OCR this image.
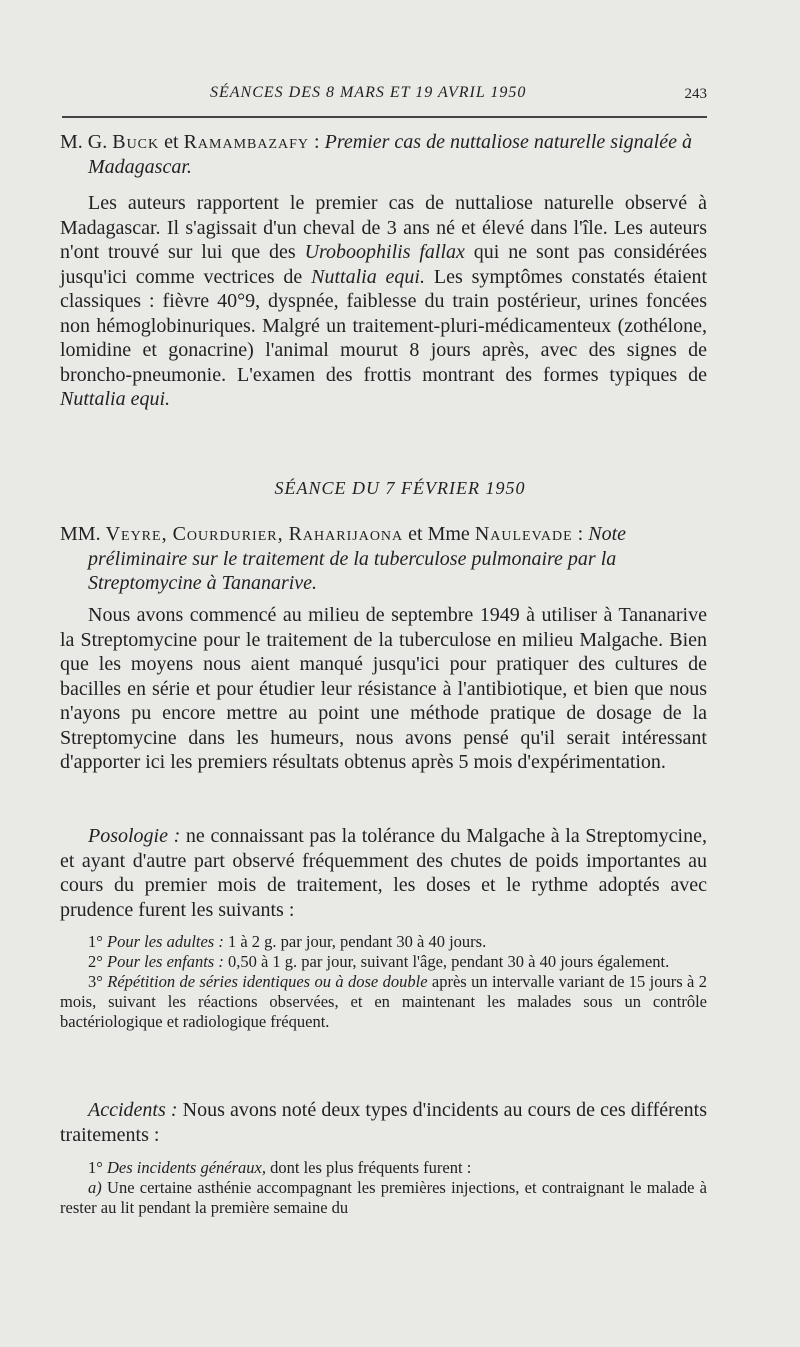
SÉANCES DES 8 MARS ET 19 AVRIL 1950	243

M. G. Buck et Ramambazafy : Premier cas de nuttaliose naturelle signalée à Madagascar.

Les auteurs rapportent le premier cas de nuttaliose naturelle observé à Madagascar. Il s'agissait d'un cheval de 3 ans né et élevé dans l'île. Les auteurs n'ont trouvé sur lui que des Uroboophilis fallax qui ne sont pas considérées jusqu'ici comme vectrices de Nuttalia equi. Les symptômes constatés étaient classiques : fièvre 40°9, dyspnée, faiblesse du train postérieur, urines foncées non hémoglobinuriques. Malgré un traitement-pluri-médicamenteux (zothélone, lomidine et gonacrine) l'animal mourut 8 jours après, avec des signes de broncho-pneumonie. L'examen des frottis montrant des formes typiques de Nuttalia equi.

SÉANCE DU 7 FÉVRIER 1950

MM. Veyre, Courdurier, Raharijaona et Mme Naulevade : Note préliminaire sur le traitement de la tuberculose pulmonaire par la Streptomycine à Tananarive.

Nous avons commencé au milieu de septembre 1949 à utiliser à Tananarive la Streptomycine pour le traitement de la tuberculose en milieu Malgache. Bien que les moyens nous aient manqué jusqu'ici pour pratiquer des cultures de bacilles en série et pour étudier leur résistance à l'antibiotique, et bien que nous n'ayons pu encore mettre au point une méthode pratique de dosage de la Streptomycine dans les humeurs, nous avons pensé qu'il serait intéressant d'apporter ici les premiers résultats obtenus après 5 mois d'expérimentation.

Posologie : ne connaissant pas la tolérance du Malgache à la Streptomycine, et ayant d'autre part observé fréquemment des chutes de poids importantes au cours du premier mois de traitement, les doses et le rythme adoptés avec prudence furent les suivants :

1° Pour les adultes : 1 à 2 g. par jour, pendant 30 à 40 jours.

2° Pour les enfants : 0,50 à 1 g. par jour, suivant l'âge, pendant 30 à 40 jours également.

3° Répétition de séries identiques ou à dose double après un intervalle variant de 15 jours à 2 mois, suivant les réactions observées, et en maintenant les malades sous un contrôle bactériologique et radiologique fréquent.

Accidents : Nous avons noté deux types d'incidents au cours de ces différents traitements :

1° Des incidents généraux, dont les plus fréquents furent :

a) Une certaine asthénie accompagnant les premières injections, et contraignant le malade à rester au lit pendant la première semaine du
